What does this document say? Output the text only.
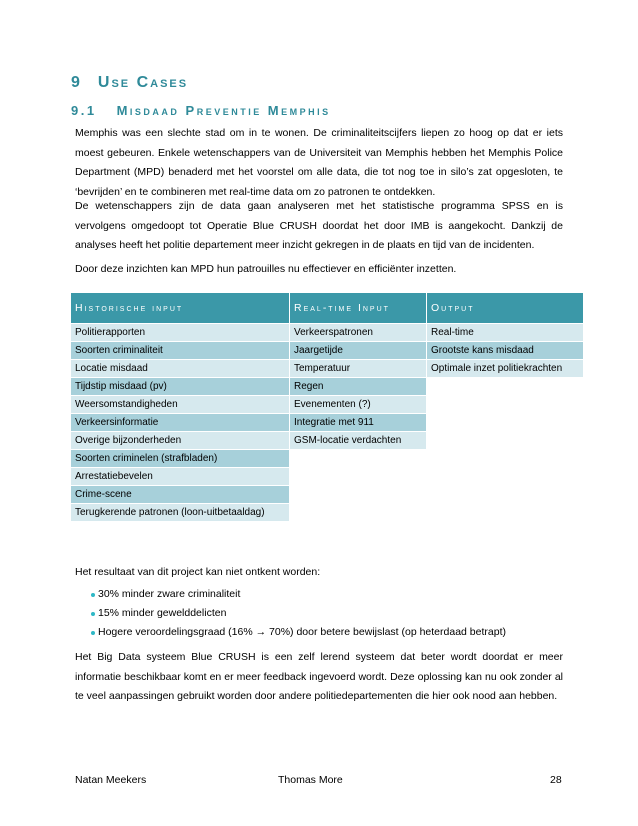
9 Use Cases
9.1 Misdaad Preventie Memphis
Memphis was een slechte stad om in te wonen. De criminaliteitscijfers liepen zo hoog op dat er iets moest gebeuren. Enkele wetenschappers van de Universiteit van Memphis hebben het Memphis Police Department (MPD) benaderd met het voorstel om alle data, die tot nog toe in silo’s zat opgesloten, te ‘bevrijden’ en te combineren met real-time data om zo patronen te ontdekken.
De wetenschappers zijn de data gaan analyseren met het statistische programma SPSS en is vervolgens omgedoopt tot Operatie Blue CRUSH doordat het door IMB is aangekocht. Dankzij de analyses heeft het politie departement meer inzicht gekregen in de plaats en tijd van de incidenten.
Door deze inzichten kan MPD hun patrouilles nu effectiever en efficiënter inzetten.
Historische input	Real-time Input	Output
Politierapporten	Verkeerspatronen	Real-time
Soorten criminaliteit	Jaargetijde	Grootste kans misdaad
Locatie misdaad	Temperatuur	Optimale inzet politiekrachten
Tijdstip misdaad (pv)	Regen	
Weersomstandigheden	Evenementen (?)	
Verkeersinformatie	Integratie met 911	
Overige bijzonderheden	GSM-locatie verdachten	
Soorten criminelen (strafbladen)		
Arrestatiebevelen		
Crime-scene		
Terugkerende patronen (loon-uitbetaaldag)		
Het resultaat van dit project kan niet ontkent worden:
30% minder zware criminaliteit
15% minder gewelddelicten
Hogere veroordelingsgraad (16% → 70%) door betere bewijslast (op heterdaad betrapt)
Het Big Data systeem Blue CRUSH is een zelf lerend systeem dat beter wordt doordat er meer informatie beschikbaar komt en er meer feedback ingevoerd wordt. Deze oplossing kan nu ook zonder al te veel aanpassingen gebruikt worden door andere politiedepartementen die hier ook nood aan hebben.
Natan Meekers	Thomas More	28
